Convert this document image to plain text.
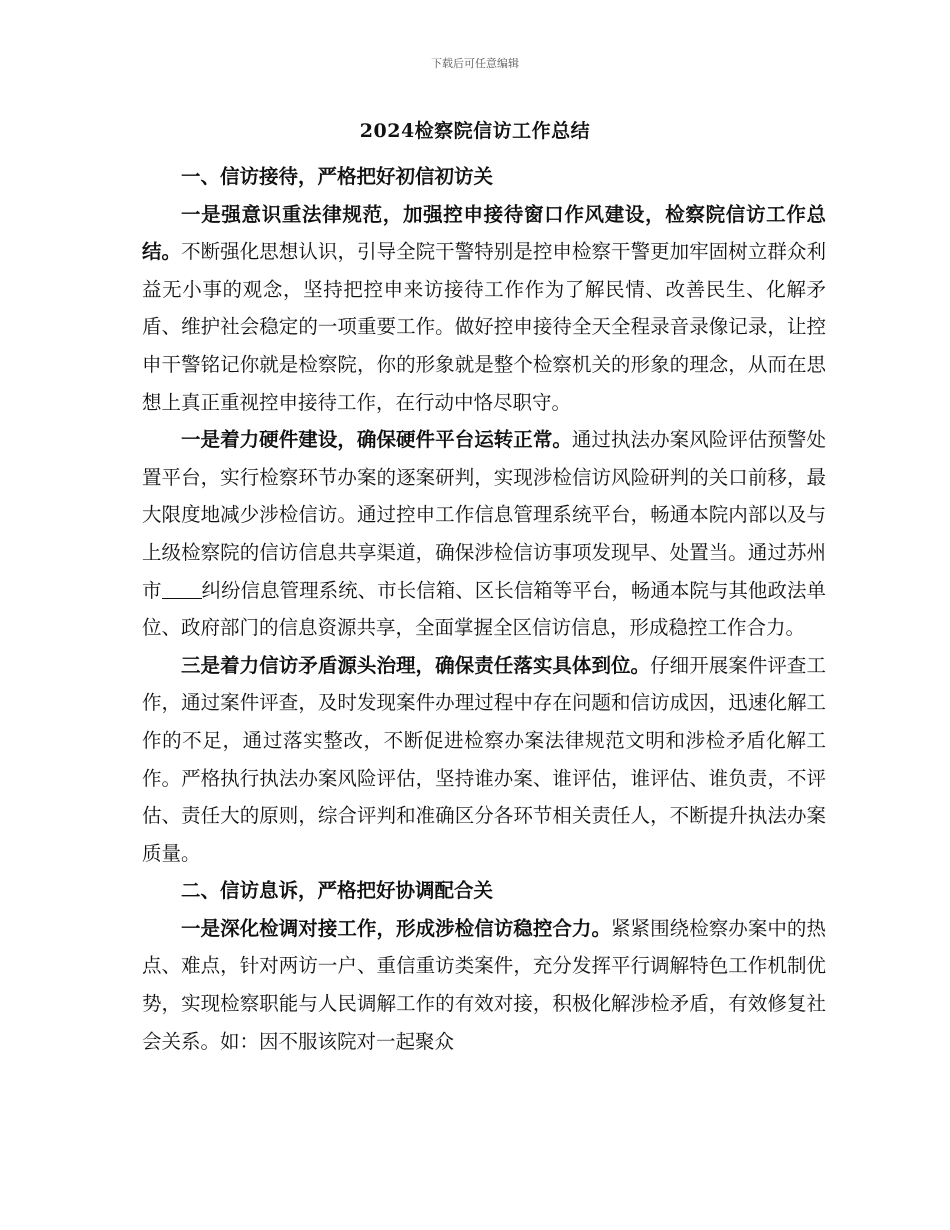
下载后可任意编辑
2024检察院信访工作总结

一、信访接待，严格把好初信初访关

一是强意识重法律规范，加强控申接待窗口作风建设，检察院信访工作总结。不断强化思想认识，引导全院干警特别是控申检察干警更加牢固树立群众利益无小事的观念，坚持把控申来访接待工作作为了解民情、改善民生、化解矛盾、维护社会稳定的一项重要工作。做好控申接待全天全程录音录像记录，让控申干警铭记你就是检察院，你的形象就是整个检察机关的形象的理念，从而在思想上真正重视控申接待工作，在行动中恪尽职守。

一是着力硬件建设，确保硬件平台运转正常。通过执法办案风险评估预警处置平台，实行检察环节办案的逐案研判，实现涉检信访风险研判的关口前移，最大限度地减少涉检信访。通过控申工作信息管理系统平台，畅通本院内部以及与上级检察院的信访信息共享渠道，确保涉检信访事项发现早、处置当。通过苏州市 纠纷信息管理系统、市长信箱、区长信箱等平台，畅通本院与其他政法单位、政府部门的信息资源共享，全面掌握全区信访信息，形成稳控工作合力。

三是着力信访矛盾源头治理，确保责任落实具体到位。仔细开展案件评查工作，通过案件评查，及时发现案件办理过程中存在问题和信访成因，迅速化解工作的不足，通过落实整改，不断促进检察办案法律规范文明和涉检矛盾化解工作。严格执行执法办案风险评估，坚持谁办案、谁评估，谁评估、谁负责，不评估、责任大的原则，综合评判和准确区分各环节相关责任人，不断提升执法办案质量。

二、信访息诉，严格把好协调配合关

一是深化检调对接工作，形成涉检信访稳控合力。紧紧围绕检察办案中的热点、难点，针对两访一户、重信重访类案件，充分发挥平行调解特色工作机制优势，实现检察职能与人民调解工作的有效对接，积极化解涉检矛盾，有效修复社会关系。如：因不服该院对一起聚众
